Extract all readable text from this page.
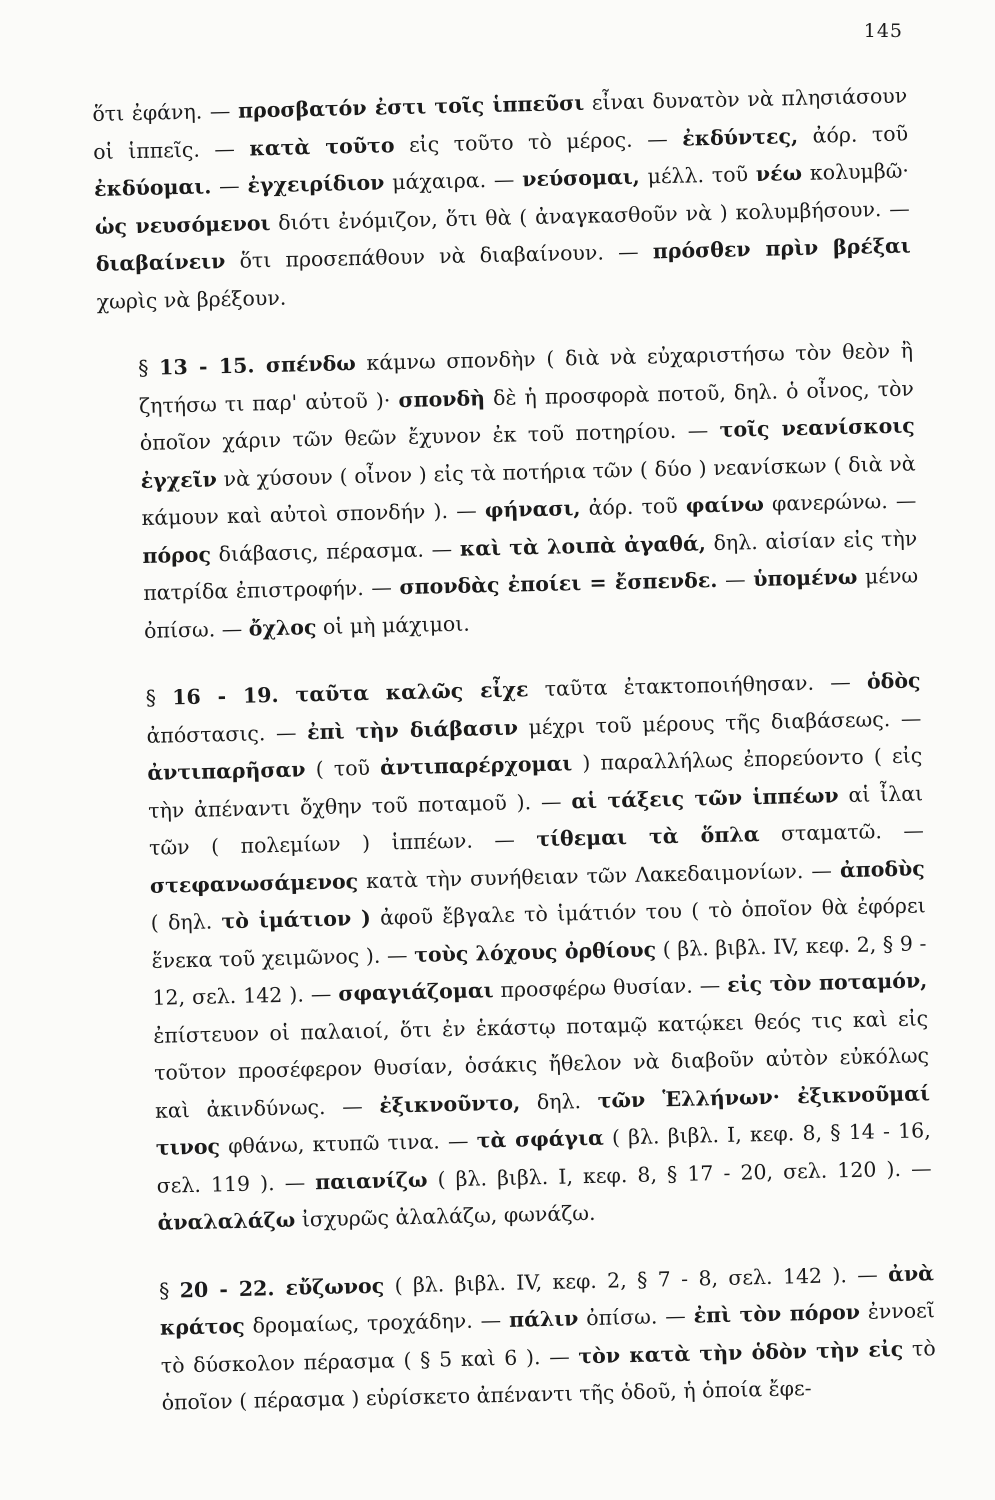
145

ὅτι ἐφάνη. — προσβατόν ἐστι τοῖς ἱππεῦσι εἶναι δυνατὸν νὰ πλησιάσουν οἱ ἱππεῖς. — κατὰ τοῦτο εἰς τοῦτο τὸ μέρος. — ἐκδύντες, ἀόρ. τοῦ ἐκδύομαι. — ἐγχειρίδιον μάχαιρα. — νεύσομαι, μέλλ. τοῦ νέω κολυμβῶ· ὡς νευσόμενοι διότι ἐνόμιζον, ὅτι θὰ ( ἀναγκασθοῦν νὰ ) κολυμβήσουν. — διαβαίνειν ὅτι προσεπάθουν νὰ διαβαίνουν. — πρόσθεν πρὶν βρέξαι χωρὶς νὰ βρέξουν.

§ 13 - 15. σπένδω κάμνω σπονδὴν ( διὰ νὰ εὐχαριστήσω τὸν θεὸν ἢ ζητήσω τι παρ' αὐτοῦ )· σπονδὴ δὲ ἡ προσφορὰ ποτοῦ, δηλ. ὁ οἶνος, τὸν ὁποῖον χάριν τῶν θεῶν ἔχυνον ἐκ τοῦ ποτηρίου. — τοῖς νεανίσκοις ἐγχεῖν νὰ χύσουν ( οἶνον ) εἰς τὰ ποτήρια τῶν ( δύο ) νεανίσκων ( διὰ νὰ κάμουν καὶ αὐτοὶ σπονδήν ). — φήνασι, ἀόρ. τοῦ φαίνω φανερώνω. — πόρος διάβασις, πέρασμα. — καὶ τὰ λοιπὰ ἀγαθά, δηλ. αἰσίαν εἰς τὴν πατρίδα ἐπιστροφήν. — σπονδὰς ἐποίει = ἔσπενδε. — ὑπομένω μένω ὀπίσω. — ὄχλος οἱ μὴ μάχιμοι.

§ 16 - 19. ταῦτα καλῶς εἶχε ταῦτα ἐτακτοποιήθησαν. — ὁδὸς ἀπόστασις. — ἐπὶ τὴν διάβασιν μέχρι τοῦ μέρους τῆς διαβάσεως. — ἀντιπαρῆσαν ( τοῦ ἀντιπαρέρχομαι ) παραλλήλως ἐπορεύοντο ( εἰς τὴν ἀπέναντι ὄχθην τοῦ ποταμοῦ ). — αἱ τάξεις τῶν ἱππέων αἱ ἶλαι τῶν ( πολεμίων ) ἱππέων. — τίθεμαι τὰ ὅπλα σταματῶ. — στεφανωσάμενος κατὰ τὴν συνήθειαν τῶν Λακεδαιμονίων. — ἀποδὺς ( δηλ. τὸ ἱμάτιον ) ἀφοῦ ἔβγαλε τὸ ἱμάτιόν του ( τὸ ὁποῖον θὰ ἐφόρει ἕνεκα τοῦ χειμῶνος ). — τοὺς λόχους ὀρθίους ( βλ. βιβλ. IV, κεφ. 2, § 9 - 12, σελ. 142 ). — σφαγιάζομαι προσφέρω θυσίαν. — εἰς τὸν ποταμόν, ἐπίστευον οἱ παλαιοί, ὅτι ἐν ἑκάστῳ ποταμῷ κατῴκει θεός τις καὶ εἰς τοῦτον προσέφερον θυσίαν, ὁσάκις ἤθελον νὰ διαβοῦν αὐτὸν εὐκόλως καὶ ἀκινδύνως. — ἐξικνοῦντο, δηλ. τῶν Ἑλλήνων· ἐξικνοῦμαί τινος φθάνω, κτυπῶ τινα. — τὰ σφάγια ( βλ. βιβλ. I, κεφ. 8, § 14 - 16, σελ. 119 ). — παιανίζω ( βλ. βιβλ. I, κεφ. 8, § 17 - 20, σελ. 120 ). — ἀναλαλάζω ἰσχυρῶς ἀλαλάζω, φωνάζω.

§ 20 - 22. εὔζωνος ( βλ. βιβλ. IV, κεφ. 2, § 7 - 8, σελ. 142 ). — ἀνὰ κράτος δρομαίως, τροχάδην. — πάλιν ὀπίσω. — ἐπὶ τὸν πόρον ἐννοεῖ τὸ δύσκολον πέρασμα ( § 5 καὶ 6 ). — τὸν κατὰ τὴν ὁδὸν τὴν εἰς τὸ ὁποῖον ( πέρασμα ) εὑρίσκετο ἀπέναντι τῆς ὁδοῦ, ἡ ὁποία ἔφε-
